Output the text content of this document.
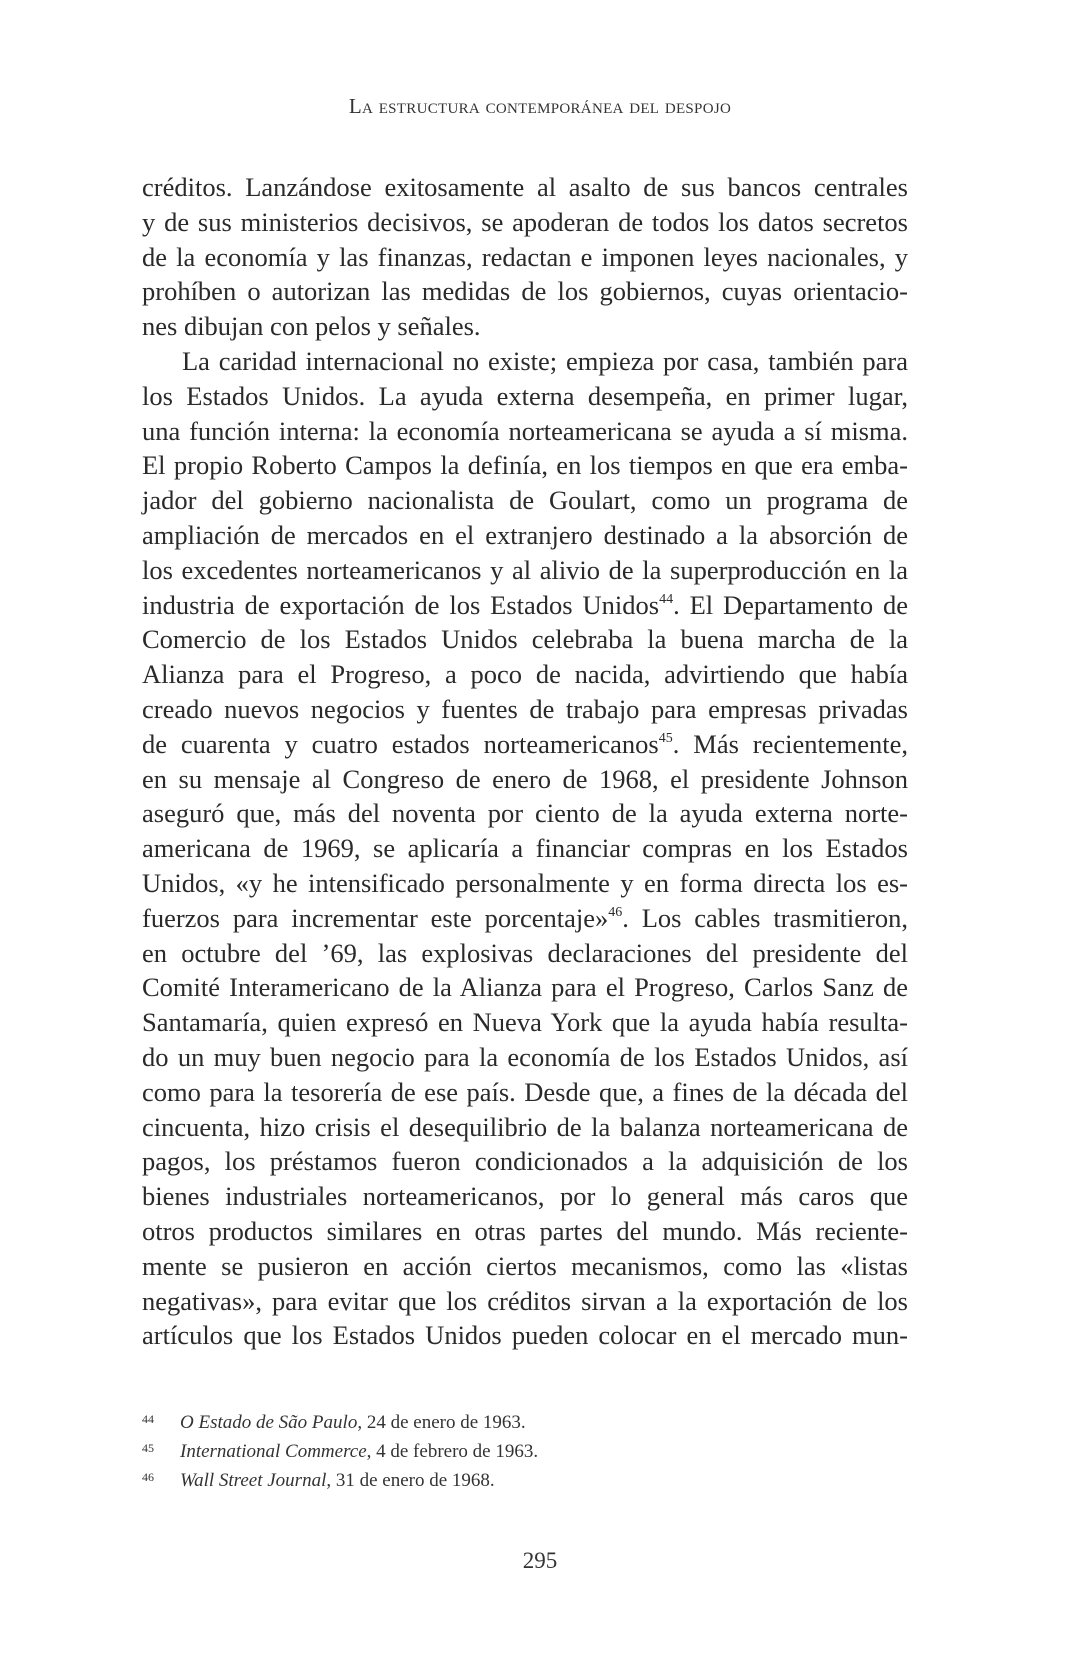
La estructura contemporánea del despojo
créditos. Lanzándose exitosamente al asalto de sus bancos centrales
y de sus ministerios decisivos, se apoderan de todos los datos secretos
de la economía y las finanzas, redactan e imponen leyes nacionales, y
prohíben o autorizan las medidas de los gobiernos, cuyas orientacio-
nes dibujan con pelos y señales.
La caridad internacional no existe; empieza por casa, también para
los Estados Unidos. La ayuda externa desempeña, en primer lugar,
una función interna: la economía norteamericana se ayuda a sí misma.
El propio Roberto Campos la definía, en los tiempos en que era emba-
jador del gobierno nacionalista de Goulart, como un programa de
ampliación de mercados en el extranjero destinado a la absorción de
los excedentes norteamericanos y al alivio de la superproducción en la
industria de exportación de los Estados Unidos$^{44}$. El Departamento de
Comercio de los Estados Unidos celebraba la buena marcha de la
Alianza para el Progreso, a poco de nacida, advirtiendo que había
creado nuevos negocios y fuentes de trabajo para empresas privadas
de cuarenta y cuatro estados norteamericanos$^{45}$. Más recientemente,
en su mensaje al Congreso de enero de 1968, el presidente Johnson
aseguró que, más del noventa por ciento de la ayuda externa norte-
americana de 1969, se aplicaría a financiar compras en los Estados
Unidos, «y he intensificado personalmente y en forma directa los es-
fuerzos para incrementar este porcentaje»$^{46}$. Los cables trasmitieron,
en octubre del ’69, las explosivas declaraciones del presidente del
Comité Interamericano de la Alianza para el Progreso, Carlos Sanz de
Santamaría, quien expresó en Nueva York que la ayuda había resulta-
do un muy buen negocio para la economía de los Estados Unidos, así
como para la tesorería de ese país. Desde que, a fines de la década del
cincuenta, hizo crisis el desequilibrio de la balanza norteamericana de
pagos, los préstamos fueron condicionados a la adquisición de los
bienes industriales norteamericanos, por lo general más caros que
otros productos similares en otras partes del mundo. Más reciente-
mente se pusieron en acción ciertos mecanismos, como las «listas
negativas», para evitar que los créditos sirvan a la exportación de los
artículos que los Estados Unidos pueden colocar en el mercado mun-
44	O Estado de São Paulo, 24 de enero de 1963.
45	International Commerce, 4 de febrero de 1963.
46	Wall Street Journal, 31 de enero de 1968.
295
